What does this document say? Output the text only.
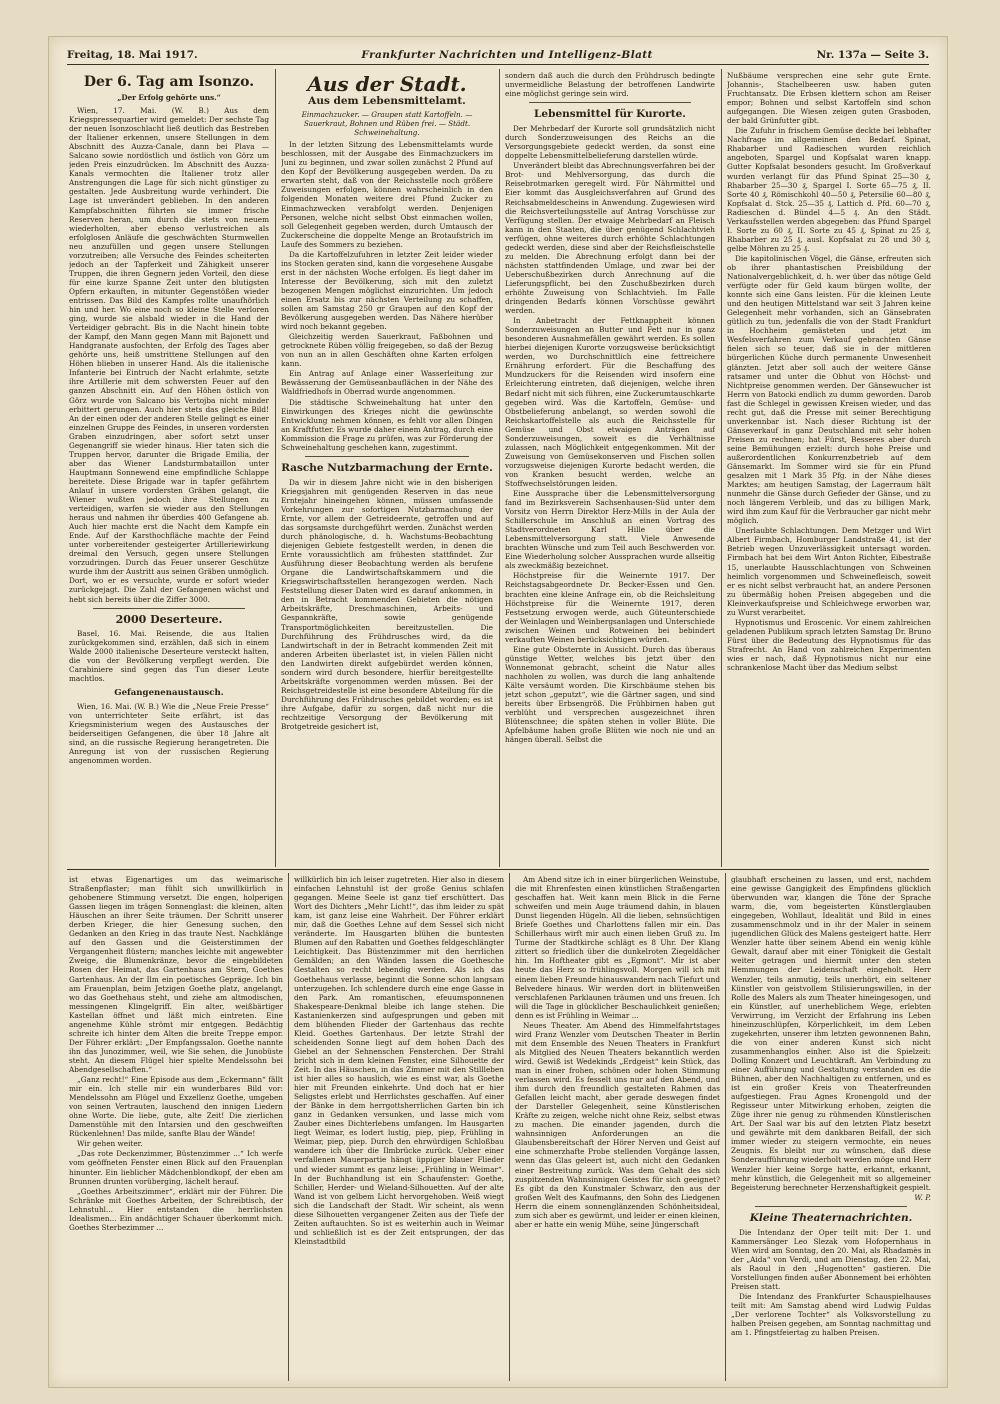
Freitag, 18. Mai 1917.	Frankfurter Nachrichten und Intelligenz-Blatt	Nr. 137a — Seite 3.
Der 6. Tag am Isonzo.
„Der Erfolg gehörte uns.“

Wien, 17. Mai. (W. B.) Aus dem Kriegspressequartier wird gemeldet: Der sechste Tag der neuen Isonzoschlacht ließ deutlich das Bestreben der Italiener erkennen, unsere Stellungen in dem Abschnitt des Auzza-Canale, dann bei Plava — Salcano sowie nordöstlich und östlich von Görz um jeden Preis einzudrücken. Im Abschnitt des Auzza-Kanals vermochten die Italiener trotz aller Anstrengungen die Lage für sich nicht günstiger zu gestalten. Jede Ausbreitung wurde verhindert. Die Lage ist unverändert geblieben. In den anderen Kampfabschnitten führten sie immer frische Reserven heran, um durch die stets von neuem wiederholten, aber ebenso verlustreichen als erfolglosen Anläufe die geschwächten Sturmwellen neu anzufüllen und gegen unsere Stellungen vorzutreiben; alle Versuche des Feindes scheiterten jedoch an der Tapferkeit und Zähigkeit unserer Truppen, die ihren Gegnern jeden Vorteil, den diese für eine kurze Spanne Zeit unter den blutigsten Opfern erkauften, in mitunter Gegenstößen wieder entrissen. Das Bild des Kampfes rollte unaufhörlich hin und her. Wo eine noch so kleine Stelle verloren ging, wurde sie alsbald wieder in die Hand der Verteidiger gebracht. Bis in die Nacht hinein tobte der Kampf, den Mann gegen Mann mit Bajonett und Handgranate ausfochten, der Erfolg des Tages aber gehörte uns, heiß umstrittene Stellungen auf den Höhen blieben in unserer Hand. Als die italienische Infanterie bei Eintruch der Nacht erlahmte, setzte ihre Artillerie mit dem schwersten Feuer auf den ganzen Abschnitt ein. Auf den Höhen östlich von Görz wurde von Salcano bis Vertojba nicht minder erbittert gerungen. Auch hier stets das gleiche Bild! An der einen oder der anderen Stelle gelingt es einer einzelnen Gruppe des Feindes, in unseren vordersten Graben einzudringen, aber sofort setzt unser Gegenangriff sie wieder hinaus. Hier taten sich die Truppen hervor, darunter die Brigade Emilia, der aber das Wiener Landsturmbataillon unter Hauptmann Sonnewend eine empfindliche Schlappe bereitete. Diese Brigade war in tapfer gefährtem Anlauf in unsere vordersten Gräben gelangt, die Wiener wußten jedoch ihre Stellungen zu verteidigen, warfen sie wieder aus den Stellungen heraus und nahmen ihr überdies 400 Gefangene ab. Auch hier machte erst die Nacht dem Kampfe ein Ende. Auf der Karsthochfläche machte der Feind unter vorbereitender gesteigerter Artilleriewirkung dreimal den Versuch, gegen unsere Stellungen vorzudringen. Durch das Feuer unserer Geschütze wurde ihm der Austritt aus seinen Gräben unmöglich. Dort, wo er es versuchte, wurde er sofort wieder zurückgejagt. Die Zahl der Gefangenen wächst und hebt sich bereits über die Ziffer 3000.

2000 Deserteure.

Basel, 16. Mai. Reisende, die aus Italien zurückgekommen sind, erzählen, daß sich in einem Walde 2000 italienische Deserteure versteckt halten, die von der Bevölkerung verpflegt werden. Die Carabiniere sind gegen das Tun dieser Leute machtlos.

Gefangenenaustausch.

Wien, 16. Mai. (W. B.) Wie die „Neue Freie Presse“ von unterrichteter Seite erfährt, ist das Kriegsministerium wegen des Austausches der beiderseitigen Gefangenen, die über 18 Jahre alt sind, an die russische Regierung herangetreten. Die Anregung ist von der russischen Regierung angenommen worden.

Aus der Stadt.
Aus dem Lebensmittelamt.
Einmachzucker. — Graupen statt Kartoffeln. — Sauerkraut, Bohnen und Rüben frei. — Städt. Schweinehaltung.

In der letzten Sitzung des Lebensmittelamts wurde beschlossen, mit der Ausgabe des Einmachzuckers im Juni zu beginnen, und zwar sollen zunächst 2 Pfund auf den Kopf der Bevölkerung ausgegeben werden. Da zu erwarten steht, daß von der Reichsstelle noch größere Zuweisungen erfolgen, können wahrscheinlich in den folgenden Monaten weitere drei Pfund Zucker zu Einmachzwecken verabfolgt werden. Denjenigen Personen, welche nicht selbst Obst einmachen wollen, soll Gelegenheit gegeben werden, durch Umtausch der Zuckerscheine die doppelte Menge an Brotaufstrich im Laufe des Sommers zu beziehen.

Da die Kartoffelzufuhren in letzter Zeit leider wieder ins Stocken geraten sind, kann die vorgesehene Ausgabe erst in der nächsten Woche erfolgen. Es liegt daher im Interesse der Bevölkerung, sich mit den zuletzt bezogenen Mengen möglichst einzurichten. Um jedoch einen Ersatz bis zur nächsten Verteilung zu schaffen, sollen am Samstag 250 gr Graupen auf den Kopf der Bevölkerung ausgegeben werden. Das Nähere hierüber wird noch bekannt gegeben.

Gleichzeitig werden Sauerkraut, Faßbohnen und getrocknete Rüben völlig freigegeben, so daß der Bezug von nun an in allen Geschäften ohne Karten erfolgen kann.

Ein Antrag auf Anlage einer Wasserleitung zur Bewässerung der Gemüseanbauflächen in der Nähe des Waldfriedhofs in Oberrad wurde angenommen.

Die städtische Schweinehaltung hat unter den Einwirkungen des Krieges nicht die gewünschte Entwicklung nehmen können, es fehlt vor allen Dingen an Kraftfutter. Es wurde daher einem Antrag, durch eine Kommission die Frage zu prüfen, was zur Förderung der Schweinehaltung geschehen kann, zugestimmt.

Rasche Nutzbarmachung der Ernte.

Da wir in diesem Jahre nicht wie in den bisherigen Kriegsjahren mit genügenden Reserven in das neue Erntejahr hineingehen können, müssen umfassende Vorkehrungen zur sofortigen Nutzbarmachung der Ernte, vor allem der Getreideernte, getroffen und auf das sorgsamste durchgeführt werden. Zunächst werden durch phänologische, d. h. Wachstums-Beobachtung diejenigen Gebiete festgestellt werden, in denen die Ernte voraussichtlich am frühesten stattfindet. Zur Ausführung dieser Beobachtung werden als berufene Organe die Landwirtschaftskammern und die Kriegswirtschaftsstellen herangezogen werden. Nach Feststellung dieser Daten wird es darauf ankommen, in den in Betracht kommenden Gebieten die nötigen Arbeitskräfte, Dreschmaschinen, Arbeits- und Gespannkräfte, sowie genügende Transportmöglichkeiten bereitzustellen. Die Durchführung des Frühdrusches wird, da die Landwirtschaft in der in Betracht kommenden Zeit mit anderen Arbeiten überlastet ist, in vielen Fällen nicht den Landwirten direkt aufgebürdet werden können, sondern wird durch besondere, hierfür bereitgestellte Arbeitskräfte vorgenommen werden müssen. Bei der Reichsgetreidestelle ist eine besondere Abteilung für die Durchführung des Frühdrusches gebildet worden; es ist ihre Aufgabe, dafür zu sorgen, daß nicht nur die rechtzeitige Versorgung der Bevölkerung mit Brotgetreide gesichert ist,

sondern daß auch die durch den Frühdrusch bedingte unvermeidliche Belastung der betroffenen Landwirte eine möglichst geringe sein wird.

Lebensmittel für Kurorte.

Der Mehrbedarf der Kurorte soll grundsätzlich nicht durch Sonderzuweisungen des Reichs an die Versorgungsgebiete gedeckt werden, da sonst eine doppelte Lebensmittelbelieferung darstellen würde.

Unverändert bleibt das Abrechnungsverfahren bei der Brot- und Mehlversorgung, das durch die Reisebrotmarken geregelt wird. Für Nährmittel und Eier kommt das Ausgleichsverfahren auf Grund des Reichsabmeldescheins in Anwendung. Zugewiesen wird die Reichsverteilungsstelle auf Antrag Vorschüsse zur Verfügung stellen. Der etwaige Mehrbedarf an Fleisch kann in den Staaten, die über genügend Schlachtvieh verfügen, ohne weiteres durch erhöhte Schlachtungen gedeckt werden, diese sind aber der Reichsfleischstelle zu melden. Die Abrechnung erfolgt dann bei der nächsten stattfindenden Umlage, und zwar bei der Ueberschußbezirken durch Anrechnung auf die Lieferungspflicht, bei den Zuschußbezirken durch erhöhte Zuweisung von Schlachtvieh. Im Falle dringenden Bedarfs können Vorschüsse gewährt werden.

In Anbetracht der Fettknappheit können Sonderzuweisungen an Butter und Fett nur in ganz besonderen Ausnahmefällen gewährt werden. Es sollen hierbei diejenigen Kurorte vorzugsweise berücksichtigt werden, wo Durchschnittlich eine fettreichere Ernährung erfordert. Für die Beschaffung des Mundzuckers für die Reisenden wird insofern eine Erleichterung eintreten, daß diejenigen, welche ihren Bedarf nicht mit sich führen, eine Zuckerumtauschkarte gegeben wird. Was die Kartoffeln, Gemüse- und Obstbelieferung anbelangt, so werden sowohl die Reichskartoffelstelle als auch die Reichsstelle für Gemüse und Obst etwaigen Anträgen auf Sonderzuweisungen, soweit es die Verhältnisse zulassen, nach Möglichkeit entgegenkommen. Mit der Zuweisung von Gemüsekonserven und Fischen sollen vorzugsweise diejenigen Kurorte bedacht werden, die von Kranken besucht werden, welche an Stoffwechselstörungen leiden.

Eine Aussprache über die Lebensmittelversorgung fand im Bezirksverein Sachsenhausen-Süd unter dem Vorsitz von Herrn Direktor Herz-Mills in der Aula der Schillerschule im Anschluß an einen Vortrag des Stadtverordneten Karl Hille über die Lebensmittelversorgung statt. Viele Anwesende brachten Wünsche und zum Teil auch Beschwerden vor. Eine Wiederholung solcher Aussprachen wurde allseitig als zweckmäßig bezeichnet.

Höchstpreise für die Weinernte 1917. Der Reichstagsabgeordnete Dr. Becker-Essen und Gen. brachten eine kleine Anfrage ein, ob die Reichsleitung Höchstpreise für die Weinernte 1917, deren Festsetzung erwogen werde, auch Güteunterschiede der Weinlagen und Weinbergsanlagen und Unterschiede zwischen Weinen und Rotweinen bei bebindert verkauften Weinen berücksichtigen würden.

Eine gute Obsternte in Aussicht. Durch das überaus günstige Wetter, welches bis jetzt über den Wonnemonat gebracht, scheint die Natur alles nachholen zu wollen, was durch die lang anhaltende Kälte versäumt worden. Die Kirschbäume stehen bis jetzt schon „geputzt“, wie die Gärtner sagen, und sind bereits über Erbsengröß. Die Frühbirnen haben gut verblüht und versprechen ausgezeichnet ihren Blütenschnee; die späten stehen in voller Blüte. Die Apfelbäume haben große Blüten wie noch nie und an hängen überall. Selbst die

Nußbäume versprechen eine sehr gute Ernte. Johannis-, Stachelbeeren usw. haben guten Fruchtansatz. Die Erbsen klettern schon am Reiser empor; Bohnen und selbst Kartoffeln sind schon aufgegangen. Die Wiesen zeigen guten Grasboden, der bald Grünfutter gibt.

Die Zufuhr in frischem Gemüse deckte bei lebhafter Nachfrage im allgemeinen den Bedarf. Spinat, Rhabarber und Radieschen wurden reichlich angeboten, Spargel und Kopfsalat waren knapp. Gutter Kopfsalat besonders gesucht. Im Großverkauf wurden verlangt für das Pfund Spinat 25—30 ₰, Rhabarber 25—30 ₰, Spargel I. Sorte 65—75 ₰, II. Sorte 40 ₰, Römischkohl 40—50 ₰, Petersilie 60—80 ₰, Kopfsalat d. Stck. 25—35 ₰, Lattich d. Pfd. 60—70 ₰, Radieschen d. Bündel 4—5 ₰. An den Städt. Verkaufsstellen werden abgegeben: das Pfund Spargel I. Sorte zu 60 ₰, II. Sorte zu 45 ₰, Spinat zu 25 ₰, Rhabarber zu 25 ₰, ausl. Kopfsalat zu 28 und 30 ₰, gelbe Möhren zu 25 ₰.

Die kapitolinischen Vögel, die Gänse, erfreuten sich ob ihrer phantastischen Preisbildung der Nationalvergeblichkeit, d. h. wer über das nötige Geld verfügte oder für Geld kaum bürgen wollte, der konnte sich eine Gans leisten. Für die kleinen Leute und den heutigen Mittelstand war seit 3 Jahren keine Gelegenheit mehr vorhanden, sich an Gänsebraten gütlich zu tun, jedenfalls die von der Stadt Frankfurt in Hochheim gemästeten und jetzt im Wesfelsverfahren zum Verkauf gebrachten Gänse fielen sich so teuer, daß sie in der mittleren bürgerlichen Küche durch permanente Unwesenheit glänzten. Jetzt aber soll auch der weitere Gänse ratsamer und unter die Obhut von Höchst- und Nichtpreise genommen werden. Der Gänsewucher ist Herrn von Batocki endlich zu dumm geworden. Darob fast die Schlegel in gewissen Kreisen wieder, und das recht gut, daß die Presse mit seiner Berechtigung unverkennbar ist. Nach dieser Richtung ist der Gänseverkauf in ganz Deutschland mit sehr hohen Preisen zu rechnen; hat Fürst, Besseres aber durch seine Bemühungen erzielt: durch hohe Preise und außerordentlichen Konkurrenzbetrieb auf dem Gänsemarkt. Im Sommer wird sie für ein Pfund gesalzen mit 1 Mark 35 Pfg. in der Nähe dieses Marktes; am heutigen Samstag, der Lagerraum hält nunmehr die Gänse durch Gefieder der Gänse, und zu noch längerem Verbleib, und das zu billigen Mark, wird ihm zum Kauf für die Verbraucher gar nicht mehr möglich.

Unerlaubte Schlachtungen. Dem Metzger und Wirt Albert Firmbach, Homburger Landstraße 41, ist der Betrieb wegen Unzuverlässigkeit untersagt worden. Firmbach hat bei dem Wirt Anton Richter, Eibestraße 15, unerlaubte Hausschlachtungen von Schweinen heimlich vorgenommen und Schweinefleisch, soweit er es nicht selbst verbraucht hat, an andere Personen zu übermäßig hohen Preisen abgegeben und die Kleinverkaufspreise und Schleichwege erworben war, zu Wurst verarbeitet.

Hypnotismus und Eroscenic. Vor einem zahlreichen geladenen Publikum sprach letzten Samstag Dr. Bruno Fürst über die Bedeutung des Hypnotismus für das Strafrecht. An Hand von zahlreichen Experimenten wies er nach, daß Hypnotismus nicht nur eine schrankenlose Macht über das Medium selbst

ist etwas Eigenartiges um das weimarische Straßenpflaster; man fühlt sich unwillkürlich in gehobenere Stimmung versetzt. Die engen, holperigen Gassen liegen im trägen Sonnenglast: die kleinen, alten Häuschen an ihrer Seite träumen. Der Schritt unserer derben Krieger, die hier Genesung suchen, den Gedanken an den Krieg in das traute Nest. Nachklänge auf den Gassen und die Geisterstimmen der Vergangenheit flüstern; manches leichte mit angewebter Zweige, die Blumenkränze, bevor die eingebildeten Rosen der Heimat, das Gartenhaus am Stern, Goethes Gartenhaus. An der Ilm ein poetisches Gepräge. Ich bin am Frauenplan, beim Jetzigen Goethe platz, angelangt, wo das Goethehaus steht, und ziehe am altmodischen, messingenen Klingelgriff. Ein alter, weißbärtiger Kastellan öffnet und läßt mich eintreten. Eine angenehme Kühle strömt mir entgegen. Bedächtig schreite ich hinter dem Alten die breite Treppe empor. Der Führer erklärt: „Der Empfangssalon. Goethe nannte ihn das Junozimmer, weil, wie Sie sehen, die Junobüste steht. An diesem Flügel hier spielte Mendelssohn bei Abendgesellschaften.“

„Ganz recht!“ Eine Episode aus dem „Eckermann“ fällt mir ein. Ich stelle mir ein wunderbares Bild vor: Mendelssohn am Flügel und Exzellenz Goethe, umgeben von seinen Vertrauten, lauschend den innigen Liedern ohne Worte. Die liebe, gute, alte Zeit! Die zierlichen Damenstühle mit den Intarsien und den geschweiften Rückenlehnen! Das milde, sanfte Blau der Wände!

Wir gehen weiter.

„Das rote Deckenzimmer, Büstenzimmer ...“ Ich werfe vom geöffneten Fenster einen Blick auf den Frauenplan hinunter. Ein lieblicher Mädchenblondkopf, der eben am Brunnen drunten vorüberging, lächelt herauf.

„Goethes Arbeitszimmer“, erklärt mir der Führer. Die Schränke mit Goethes Arbeiten, der Schreibtisch, der Lehnstuhl... Hier entstanden die herrlichsten Idealismen... Ein andächtiger Schauer überkommt mich. Goethes Sterbezimmer ...

willkürlich bin ich leiser zugetreten. Hier also in diesem einfachen Lehnstuhl ist der große Genius schlafen gegangen. Meine Seele ist ganz tief erschüttert. Das Wort des Dichters „Mehr Licht!“, das ihm leider zu spät kam, ist ganz leise eine Wahrheit. Der Führer erklärt mir, daß die Goethes Lehne auf dem Sessel sich nicht veränderte. Im Hausgarten blühen die buntesten Blumen auf den Rabatten und Goethes feldgeschlängter Leichtigkeit. Das Büstenzimmer mit den herrlichen Gemälden; an den Wänden lassen die Goethesche Gestalten so recht lebendig werden. Als ich das Goethehaus verlasse, beginnt die Sonne schon langsam unterzugehen. Ich schlendere durch eine enge Gasse in den Park. Am romantischen, efeuumsponnenen Shakespeare-Denkmal bleibe ich lange stehen. Die Kastanienkerzen sind aufgesprungen und geben mit dem blühenden Flieder der Gartenhaus das rechte Kleid. Goethes Gartenhaus. Der letzte Strahl der scheidenden Sonne liegt auf dem hohen Dach des Giebel an der Sehnenschen Fensterchen. Der Strahl bricht sich in dem kleinen Fenster, eine Silhouette der Zeit. In das Häuschen, in das Zimmer mit den Stillleben ist hier alles so hauslich, wie es einst war, als Goethe hier mit Freunden einkehrte. Und doch hat er hier Seligstes erlebt und Herrlichstes geschaffen. Auf einer der Bänke in dem herrgottsherrlichen Garten bin ich ganz in Gedanken versunken, und lasse mich vom Zauber eines Dichterlebens umfangen. Im Hausgarten liegt Weimar, es lodert lustig, piep, piep, Frühling in Weimar, piep, piep. Durch den ehrwürdigen Schloßbau wandere ich über die Ilmbrücke zurück. Ueber einer verfallenen Mauerpartie hängt üppiger blauer Flieder und wieder summt es ganz leise: „Frühling in Weimar“. In der Buchhandlung ist ein Schaufenster: Goethe, Schiller, Herder- und Wieland-Silhouetten. Auf der alte Wand ist von gelbem Licht hervorgehoben. Weiß wiegt sich die Landschaft der Stadt. Wir scheint, als wenn diese Silhouetten vergangener Zeiten aus der Tiefe der Zeiten auftauchten. So ist es weiterhin auch in Weimar und schließlich ist es der Zeit entsprungen, der das Kleinstadtbild

Am Abend sitze ich in einer bürgerlichen Weinstube, die mit Ehrenfesten einen künstlichen Straßengarten geschaffen hat. Weit kann mein Blick in die Ferne schweifen und mein Auge träumend dahin, in blauen Dunst liegenden Hügeln. All die lieben, sehnsüchtigen Briefe Goethes und Charlottens fallen mir ein. Das Schillerhaus wirft mir auch einen lieben Gruß zu. Im Turme der Stadtkirche schlägt es 8 Uhr. Der Klang zittert so friedlich über die dunkelroten Ziegeldächer hin. Im Hoftheater gibt es „Egmont“. Mir ist aber heute das Herz so frühlingsvoll. Morgen will ich mit einem lieben Freunde hinauswandern nach Tiefurt und Belvedere hinaus. Wir werden dort in blütenweißen verschlafenen Parklaunen träumen und uns freuen. Ich will die Tage in glücklicher Beschaulichkeit genießen; denn es ist Frühling in Weimar ...

Neues Theater. Am Abend des Himmelfahrtstages wird Franz Wenzler vom Deutschen Theater in Berlin mit dem Ensemble des Neuen Theaters in Frankfurt als Mitglied des Neuen Theaters bekanntlich werden wird. Gewiß ist Wedekinds „Erdgeist“ kein Stück, das man in einer frohen, schönen oder hohen Stimmung verlassen wird. Es fesselt uns nur auf den Abend, und ihm durch den freundlich gestalteten Rahmen das Gefallen leicht macht, aber gerade deswegen findet der Darsteller Gelegenheit, seine Künstlerischen Kräfte zu zeigen, welche nicht ohne Reiz, selbst etwas zu machen. Die einander jagenden, durch die wahnsinnigen Anforderungen an die Glaubensbereitschaft der Hörer Nerven und Geist auf eine schmerzhafte Probe stellenden Vorgänge lassen, wenn das Glas geleert ist, auch nicht den Gedanken einer Bestreitung zurück. Was dem Gehalt des sich zuspitzenden Wahnsinnigen Geistes für sich geeignet? Es gibt da den Kunstmaler Schwarz, den aus der großen Welt des Kaufmanns, den Sohn des Liedgenen Herrn die einem sonnenglänzenden Schönheitsideal, zum sich aber es gewürmt, und leider er einen kleinen, aber er hatte ein wenig Mühe, seine Jüngerschaft

glaubhaft erscheinen zu lassen, und erst, nachdem eine gewisse Gangigkeit des Empfindens glücklich überwunden war, klangen die Töne der Sprache warm, die, vom begeisterten Künstlerglauben eingegeben, Wohllaut, Idealität und Bild in eines zusammenschmolz und in ihr der Maler in seinem jugendlichen Glück des Malens gesteigert hatte. Herr Wenzler hatte über seinem Abend ein wenig kühle Gewalt, darauf aber mit einer Tönigkeit die Gestalt weiter getragen und hiermit unter den steten Hemmungen der Leidenschaft eingeholt. Herr Wenzler, teils anmutig, teils unerhört, ein seltener Künstler von geistvollem Stilisierungswillen, in der Rolle des Malers als zum Theater hineingesogen, und ein Künstler, auf unerheblichem Wege, erlebten Verwirrung, im Verzicht der Erfahrung ins Leben hineinzuschlüpfen, Körperlichkeit, im dem Leben zugekehrten, unserer ihm letzten gewonnenen Bahn, die von einer anderen Kunst sich nicht zusammenhanglos einher. Also ist die Spielzeit: Dolling Konzert und Leuchtkraft. Am Verbindung zu einer Aufführung und Gestaltung verstanden es die Bühnen, aber den Nachhaltigen zu entfernen, und es ist ein großer Kreis von Theaterfreunden aufgestiegen. Frau Agnes Kronengold und der Regisseur unter Mitwirkung erhoben, zeigten die Züge ihrer nie genug zu rühmenden Künstlerischen Art. Der Saal war bis auf den letzten Platz besetzt und gewährte mit dem dankbaren Beifall, der sich immer wieder zu steigern vermochte, ein neues Zeugnis. Es bleibt nur zu wünschen, daß diese Sonderaufführung wiederholt werden möge und Herr Wenzler hier keine Sorge hatte, erkannt, erkannt, mehr künstlich, die Gelegenheit mit so allgemeiner Begeisterung berechneter Herzenshaftigkeit gespielt.

W. P.
Kleine Theaternachrichten.

Die Intendanz der Oper teilt mit: Der 1. und Kammersänger Leo Slezak vom Hofopernhaus in Wien wird am Sonntag, den 20. Mai, als Rhadamès in der „Aida“ von Verdi, und am Dienstag, den 22. Mai, als Raoul in den „Hugenotten“ gastieren. Die Vorstellungen finden außer Abonnement bei erhöhten Preisen statt.

Die Intendanz des Frankfurter Schauspielhauses teilt mit: Am Samstag abend wird Ludwig Fuldas „Der verlorene Tochter“ als Volksvorstellung zu halben Preisen gegeben, am Sonntag nachmittag und am 1. Pfingstfeiertag zu halben Preisen.
